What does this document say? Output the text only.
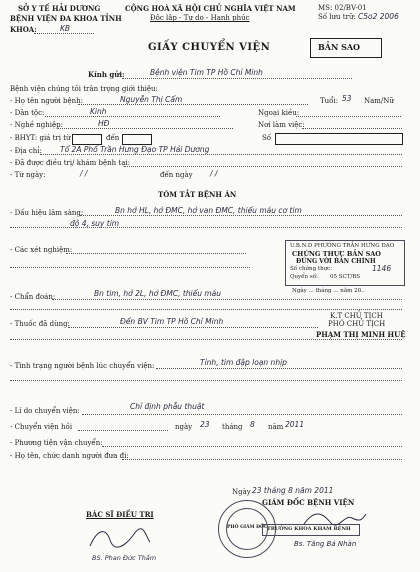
SỞ Y TẾ HẢI DƯƠNG
BỆNH VIỆN ĐA KHOA TỈNH
KHOA:	KB
CỘNG HOÀ XÃ HỘI CHỦ NGHĨA VIỆT NAM
Độc lập - Tự do - Hạnh phúc
MS: 02/BV-01
Số lưu trữ: C5o2 2006
GIẤY CHUYỂN VIỆN	BẢN SAO
Kính gửi:	Bệnh viện Tim TP Hồ Chí Minh
Bệnh viện chúng tôi trân trọng giới thiệu:
- Họ tên người bệnh:	Nguyễn Thị Cẩm	Tuổi: 53 Nam/Nữ
- Dân tộc:	Kinh	Ngoại kiều:
- Nghề nghiệp:	HĐ	Nơi làm việc:
- BHYT: giá trị từ	đến	Số
- Địa chỉ: Tổ 2A Phố Trần Hưng Đạo TP Hải Dương
- Đã được điều trị/ khám bệnh tại:
- Từ ngày:	/ /	đến ngày / /
TÓM TẮT BỆNH ÁN
- Dấu hiệu lâm sàng:	Bn hở HL, hở ĐMC, hở van ĐMC, thiếu máu cơ tim
độ 4, suy tim
- Các xét nghiệm:
- Chẩn đoán:	Bn tim, hở 2L, hở ĐMC, thiếu máu
- Thuốc đã dùng:	Đến BV Tim TP Hồ Chí Minh
- Tình trạng người bệnh lúc chuyển viện:	Tỉnh, tim đập loạn nhịp
- Lí do chuyển viện:	Chỉ định phẫu thuật
- Chuyển viện hồi	ngày 23 tháng 8 năm 2011
- Phương tiện vận chuyển:
- Họ tên, chức danh người đưa đi:
U.B.N.D PHƯỜNG TRẦN HƯNG ĐẠO
CHỨNG THỰC BẢN SAO
ĐÚNG VỚI BẢN CHÍNH
Số chứng thực:	1146
Quyển số: 05 SCT/BS
Ngày ... tháng ... năm 20..
K.T CHỦ TỊCH
PHÓ CHỦ TỊCH
PHẠM THỊ MINH HUỆ
Ngày 23 tháng 8 năm 2011
GIÁM ĐỐC BỆNH VIỆN
BÁC SĨ ĐIỀU TRỊ
BS. Phan Đức Thắm
PHÓ GIÁM ĐỐC TRƯỞNG KHOA KHÁM BỆNH
Bs. Tăng Bá Nhàn
